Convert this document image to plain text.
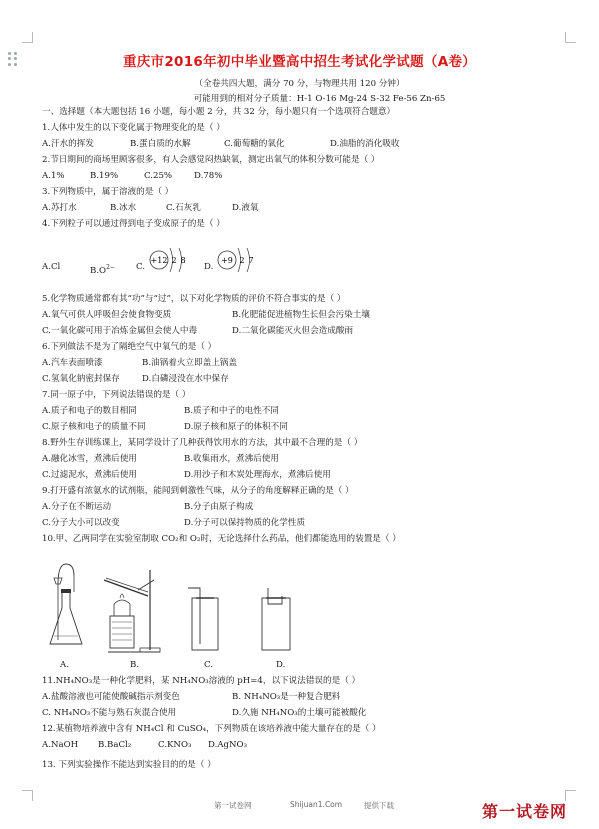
重庆市2016年初中毕业暨高中招生考试化学试题（A卷）
（全卷共四大题，满分 70 分，与物理共用 120 分钟）
可能用到的相对分子质量：H-1 O-16 Mg-24 S-32 Fe-56 Zn-65
一、选择题（本大题包括 16 小题，每小题 2 分，共 32 分，每小题只有一个选项符合题意）
1.人体中发生的以下变化属于物理变化的是（ ）
A.汗水的挥发	B.蛋白质的水解	C.葡萄糖的氧化	D.油脂的消化吸收
2.节日期间的商场里顾客很多，有人会感觉闷热缺氧，测定出氧气的体积分数可能是（ ）
A.1%	B.19%	C.25%	D.78%
3.下列物质中，属于溶液的是（ ）
A.苏打水	B.冰水	C.石灰乳	D.液氧
4.下列粒子可以通过得到电子变成原子的是（ ）
A.Cl	$B.O^{2-}$ C.	D.
+12 2 8	+9 2 7
5.化学物质通常都有其“功”与“过”，以下对化学物质的评价不符合事实的是（ ）
A.氧气可供人呼吸但会使食物变质	B.化肥能促进植物生长但会污染土壤
C.一氧化碳可用于冶炼金属但会使人中毒	D.二氧化碳能灭火但会造成酸雨
6.下列做法不是为了隔绝空气中氧气的是（ ）
A.汽车表面喷漆	B.油锅着火立即盖上锅盖
C.氢氧化钠密封保存	D.白磷浸没在水中保存
7.同一原子中，下列说法错误的是（ ）
A.质子和电子的数目相同	B.质子和中子的电性不同
C.原子核和电子的质量不同	D.原子核和原子的体积不同
8.野外生存训练课上，某同学设计了几种获得饮用水的方法，其中最不合理的是（ ）
A.融化冰雪，煮沸后使用	B.收集雨水，煮沸后使用
C.过滤泥水，煮沸后使用	D.用沙子和木炭处理海水，煮沸后使用
9.打开盛有浓氨水的试剂瓶，能闻到刺激性气味，从分子的角度解释正确的是（ ）
A.分子在不断运动	B.分子由原子构成
C.分子大小可以改变	D.分子可以保持物质的化学性质
10.甲、乙两同学在实验室制取 CO₂和 O₂时，无论选择什么药品，他们都能选用的装置是（ ）
A.	B.	C.	D.
11.NH₄NO₃是一种化学肥料，某 NH₄NO₃溶液的 pH=4，以下说法错误的是（ ）
A.盐酸溶液也可能使酸碱指示剂变色	B. NH₄NO₃是一种复合肥料
C. NH₄NO₃不能与熟石灰混合使用	D.久施 NH₄NO₃的土壤可能被酸化
12.某植物培养液中含有 NH₄Cl 和 CuSO₄，下列物质在该培养液中能大量存在的是（ ）
A.NaOH B.BaCl₂	C.KNO₃ D.AgNO₃
13. 下列实验操作不能达到实验目的的是（ ）
第一试卷网	Shijuan1.Com	提供下载	第一试卷网
